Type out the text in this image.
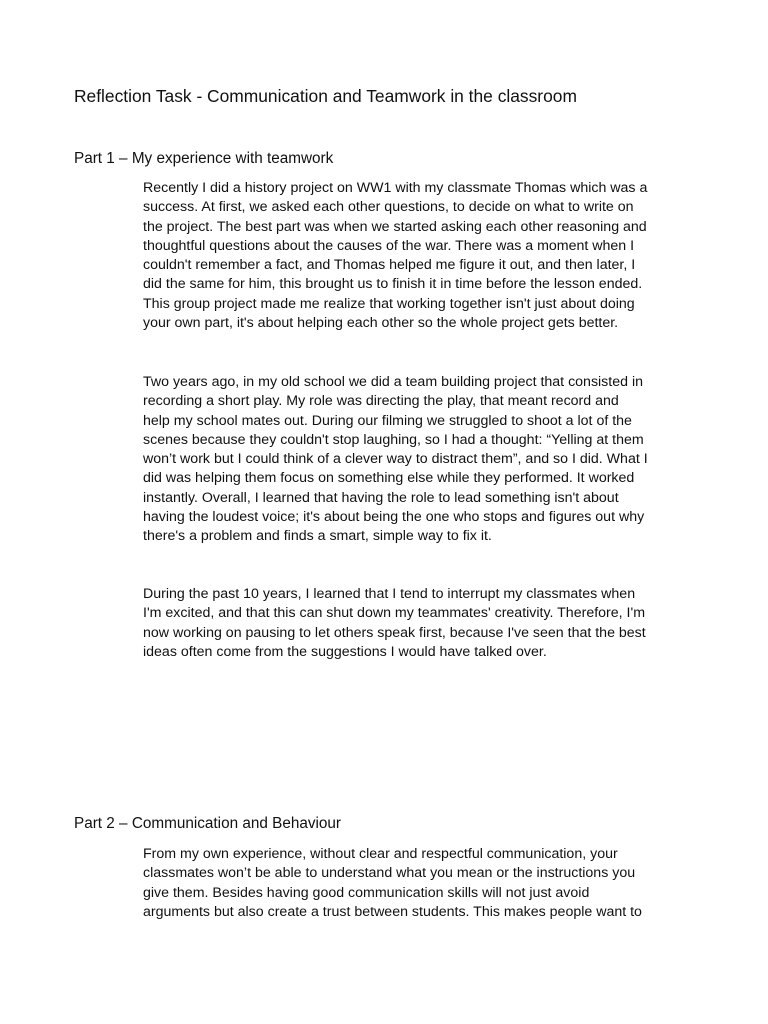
Reflection Task - Communication and Teamwork in the classroom
Part 1 – My experience with teamwork
Recently I did a history project on WW1 with my classmate Thomas which was a
success. At first, we asked each other questions, to decide on what to write on
the project. The best part was when we started asking each other reasoning and
thoughtful questions about the causes of the war. There was a moment when I
couldn't remember a fact, and Thomas helped me figure it out, and then later, I
did the same for him, this brought us to finish it in time before the lesson ended.
This group project made me realize that working together isn't just about doing
your own part, it's about helping each other so the whole project gets better.
Two years ago, in my old school we did a team building project that consisted in
recording a short play. My role was directing the play, that meant record and
help my school mates out. During our filming we struggled to shoot a lot of the
scenes because they couldn't stop laughing, so I had a thought: “Yelling at them
won’t work but I could think of a clever way to distract them”, and so I did. What I
did was helping them focus on something else while they performed. It worked
instantly. Overall, I learned that having the role to lead something isn't about
having the loudest voice; it's about being the one who stops and figures out why
there's a problem and finds a smart, simple way to fix it.
During the past 10 years, I learned that I tend to interrupt my classmates when
I'm excited, and that this can shut down my teammates' creativity. Therefore, I'm
now working on pausing to let others speak first, because I've seen that the best
ideas often come from the suggestions I would have talked over.
Part 2 – Communication and Behaviour
From my own experience, without clear and respectful communication, your
classmates won’t be able to understand what you mean or the instructions you
give them. Besides having good communication skills will not just avoid
arguments but also create a trust between students. This makes people want to
